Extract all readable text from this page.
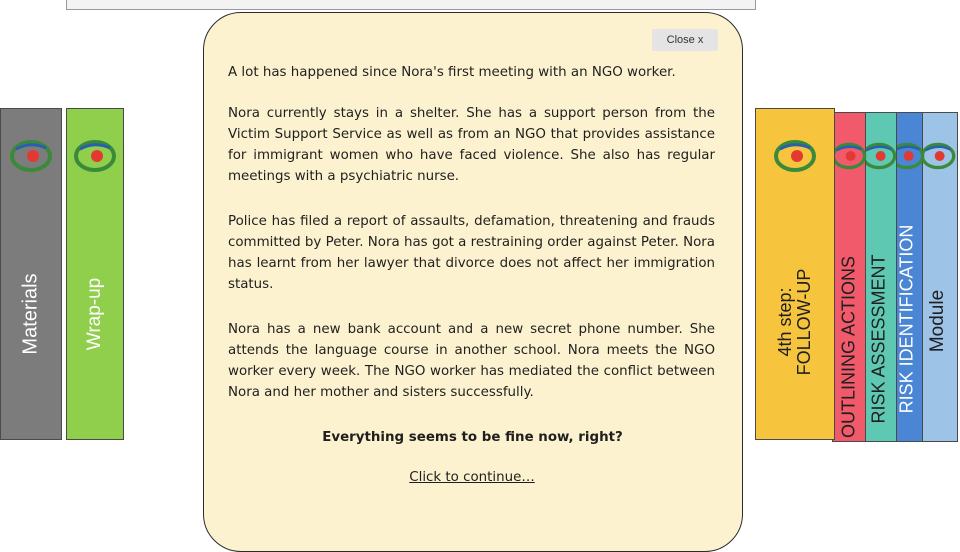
Materials Wrap-up	Module
RISK IDENTIFICATION
RISK ASSESSMENT
OUTLINING ACTIONS
4th step:
FOLLOW-UP
Close x

A lot has happened since Nora's first meeting with an NGO worker.

Nora currently stays in a shelter. She has a support person from the Victim Support Service as well as from an NGO that provides assistance for immigrant women who have faced violence. She also has regular meetings with a psychiatric nurse.

Police has filed a report of assaults, defamation, threatening and frauds committed by Peter. Nora has got a restraining order against Peter. Nora has learnt from her lawyer that divorce does not affect her immigration status.

Nora has a new bank account and a new secret phone number. She attends the language course in another school. Nora meets the NGO worker every week. The NGO worker has mediated the conflict between Nora and her mother and sisters successfully.

Everything seems to be fine now, right?

Click to continue…
